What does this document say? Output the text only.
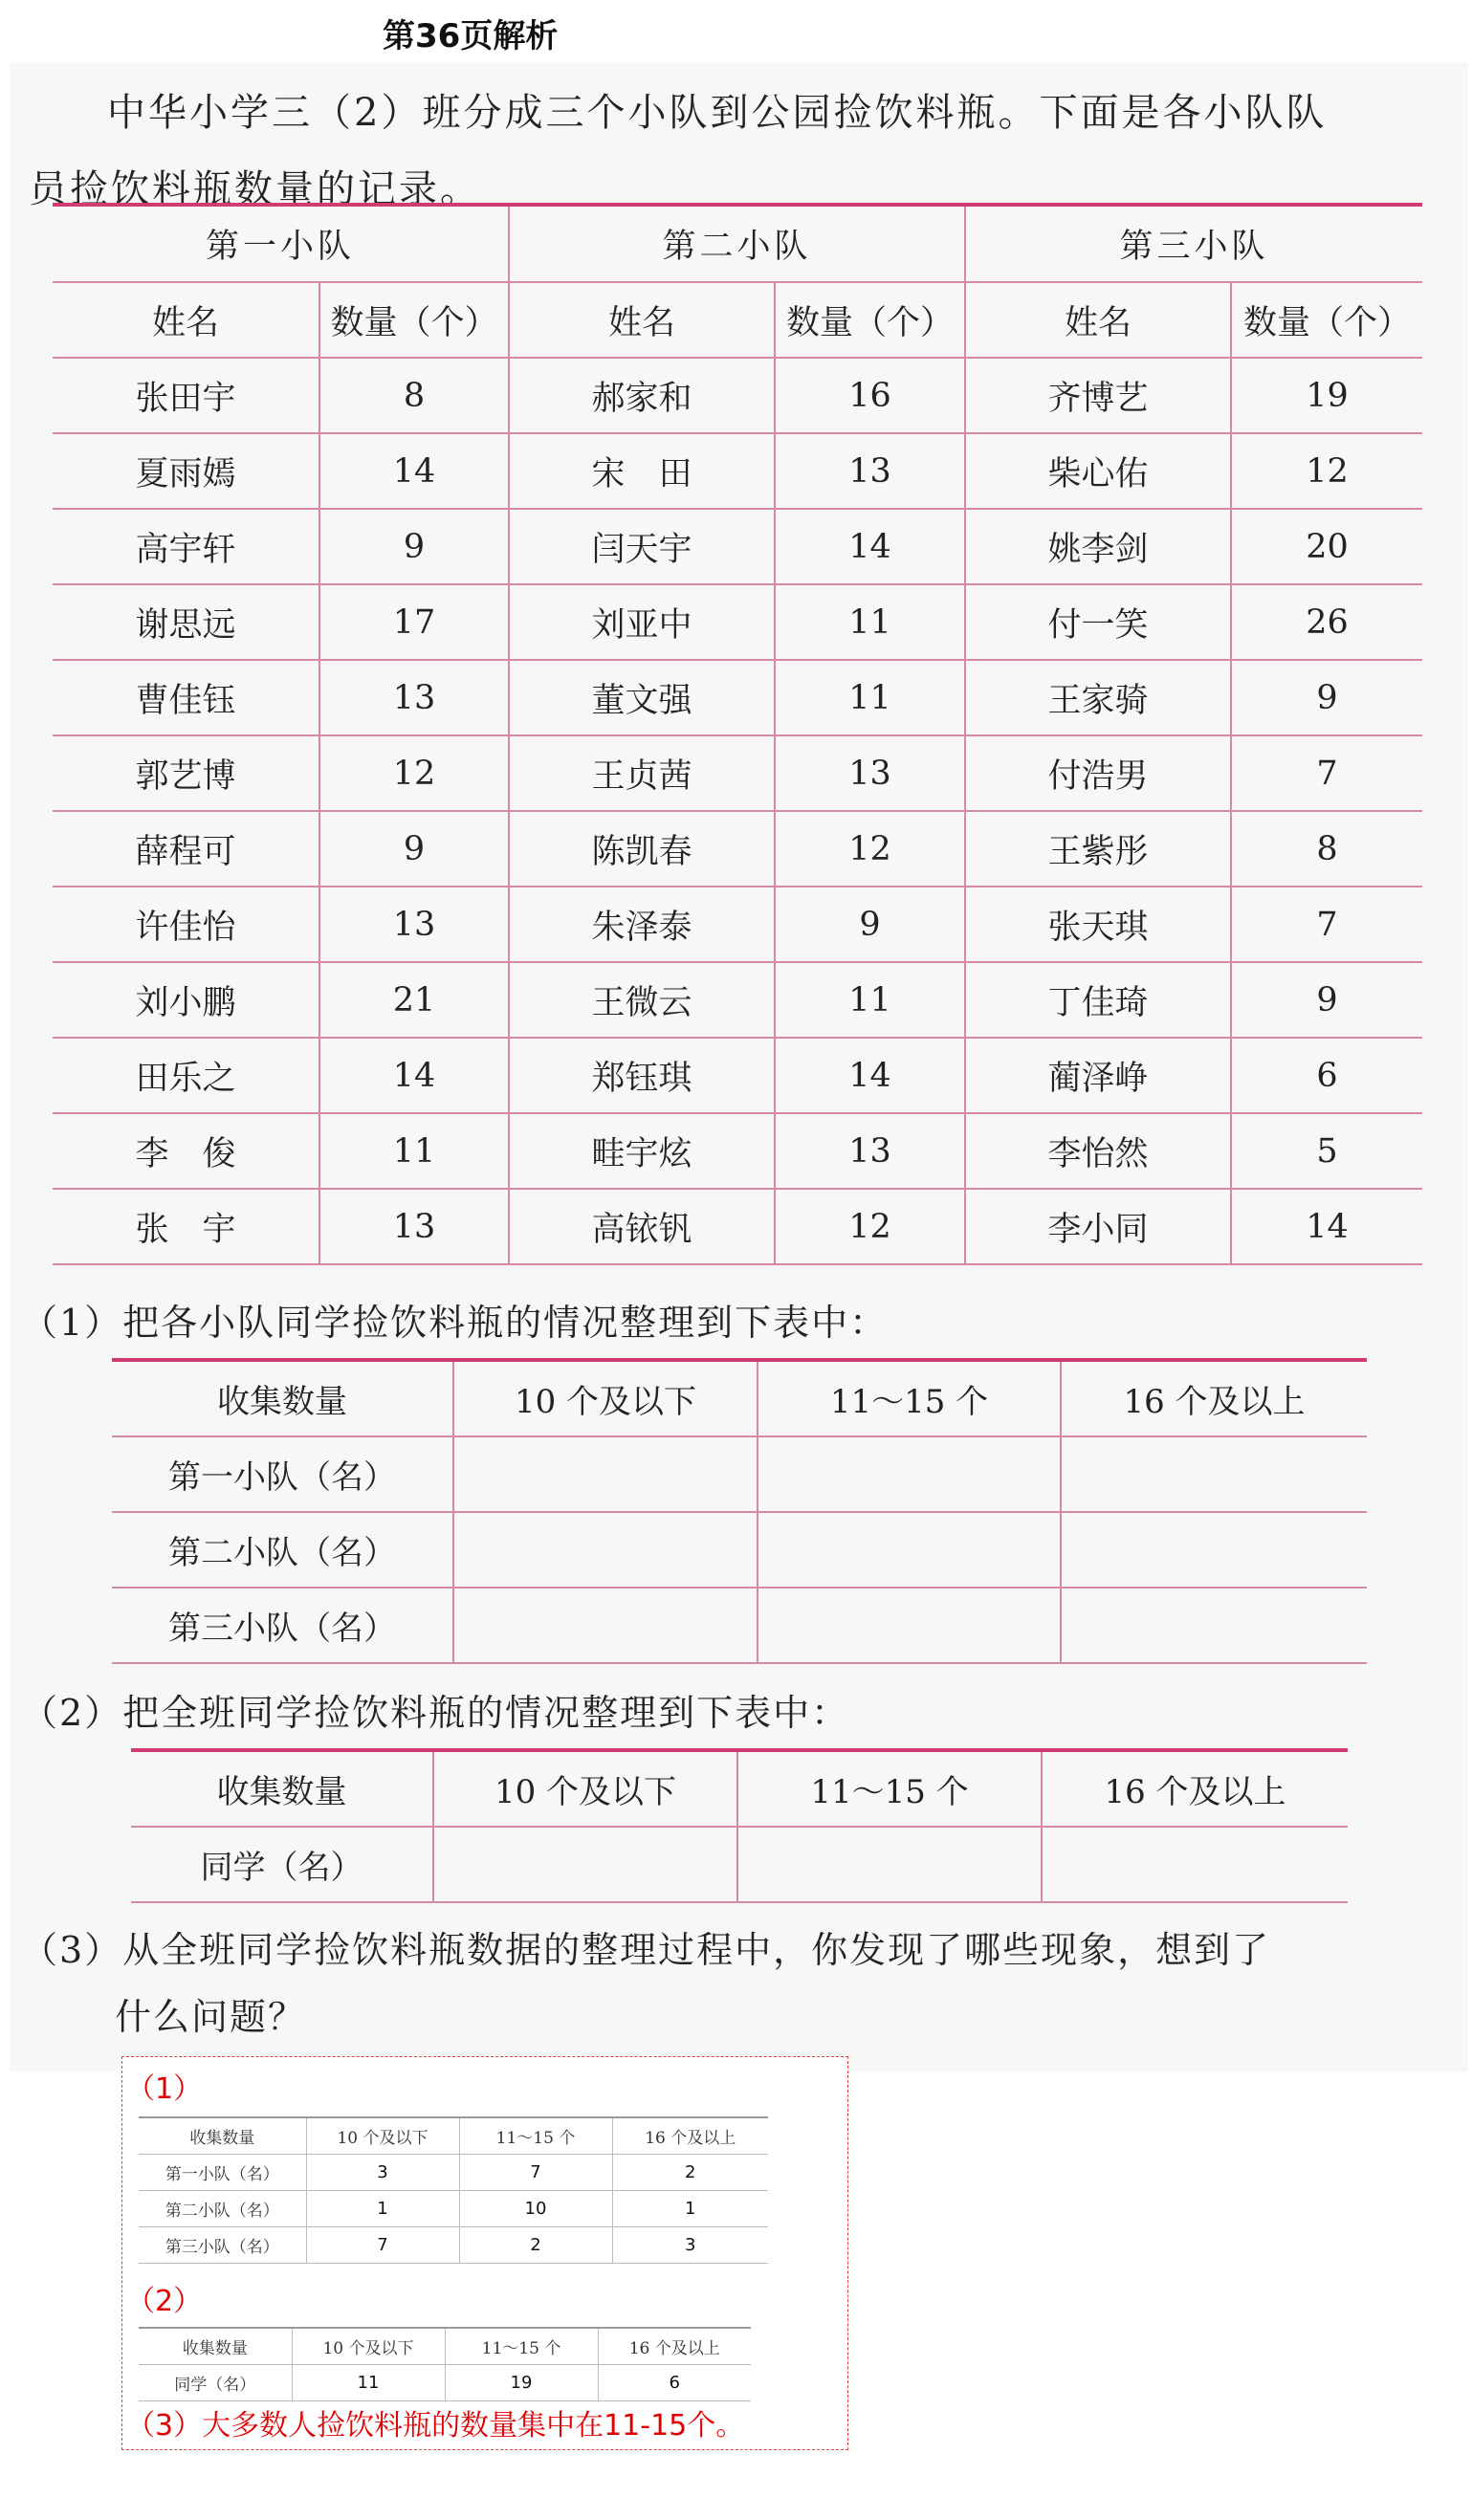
第36页解析
中华小学三（2）班分成三个小队到公园捡饮料瓶。下面是各小队队
员捡饮料瓶数量的记录。
第一小队		第二小队		第三小队	
姓名	数量（个）	姓名	数量（个）	姓名	数量（个）
张田宇	8	郝家和	16	齐博艺	19
夏雨嫣	14	宋　田	13	柴心佑	12
高宇轩	9	闫天宇	14	姚李剑	20
谢思远	17	刘亚中	11	付一笑	26
曹佳钰	13	董文强	11	王家骑	9
郭艺博	12	王贞茜	13	付浩男	7
薛程可	9	陈凯春	12	王紫彤	8
许佳怡	13	朱泽泰	9	张天琪	7
刘小鹏	21	王微云	11	丁佳琦	9
田乐之	14	郑钰琪	14	蔺泽峥	6
李　俊	11	畦宇炫	13	李怡然	5
张　宇	13	高铱钒	12	李小同	14
（1）把各小队同学捡饮料瓶的情况整理到下表中：
收集数量	10 个及以下	11～15 个	16 个及以上
第一小队（名）			
第二小队（名）			
第三小队（名）			
（2）把全班同学捡饮料瓶的情况整理到下表中：
收集数量	10 个及以下	11～15 个	16 个及以上
同学（名）			
（3）从全班同学捡饮料瓶数据的整理过程中，你发现了哪些现象，想到了
什么问题？
（1）
收集数量	10 个及以下	11～15 个	16 个及以上
第一小队（名）	3	7	2
第二小队（名）	1	10	1
第三小队（名）	7	2	3
（2）
收集数量	10 个及以下	11～15 个	16 个及以上
同学（名）	11	19	6
（3）大多数人捡饮料瓶的数量集中在11-15个。
